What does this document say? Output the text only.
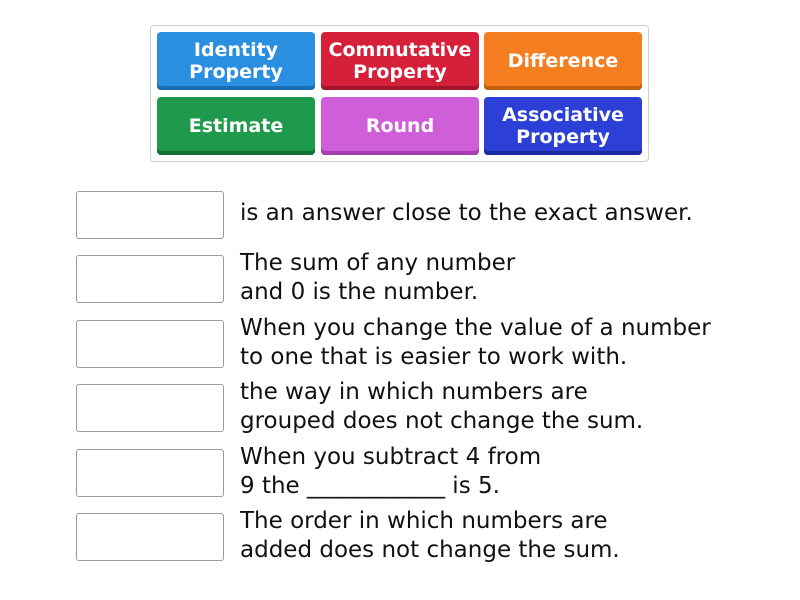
Identity
Property
Commutative
Property	Difference
Estimate	Round	Associative
Property
is an answer close to the exact answer.
The sum of any number
and 0 is the number.
When you change the value of a number
to one that is easier to work with.
the way in which numbers are
grouped does not change the sum.
When you subtract 4 from
9 the ____________ is 5.
The order in which numbers are
added does not change the sum.
